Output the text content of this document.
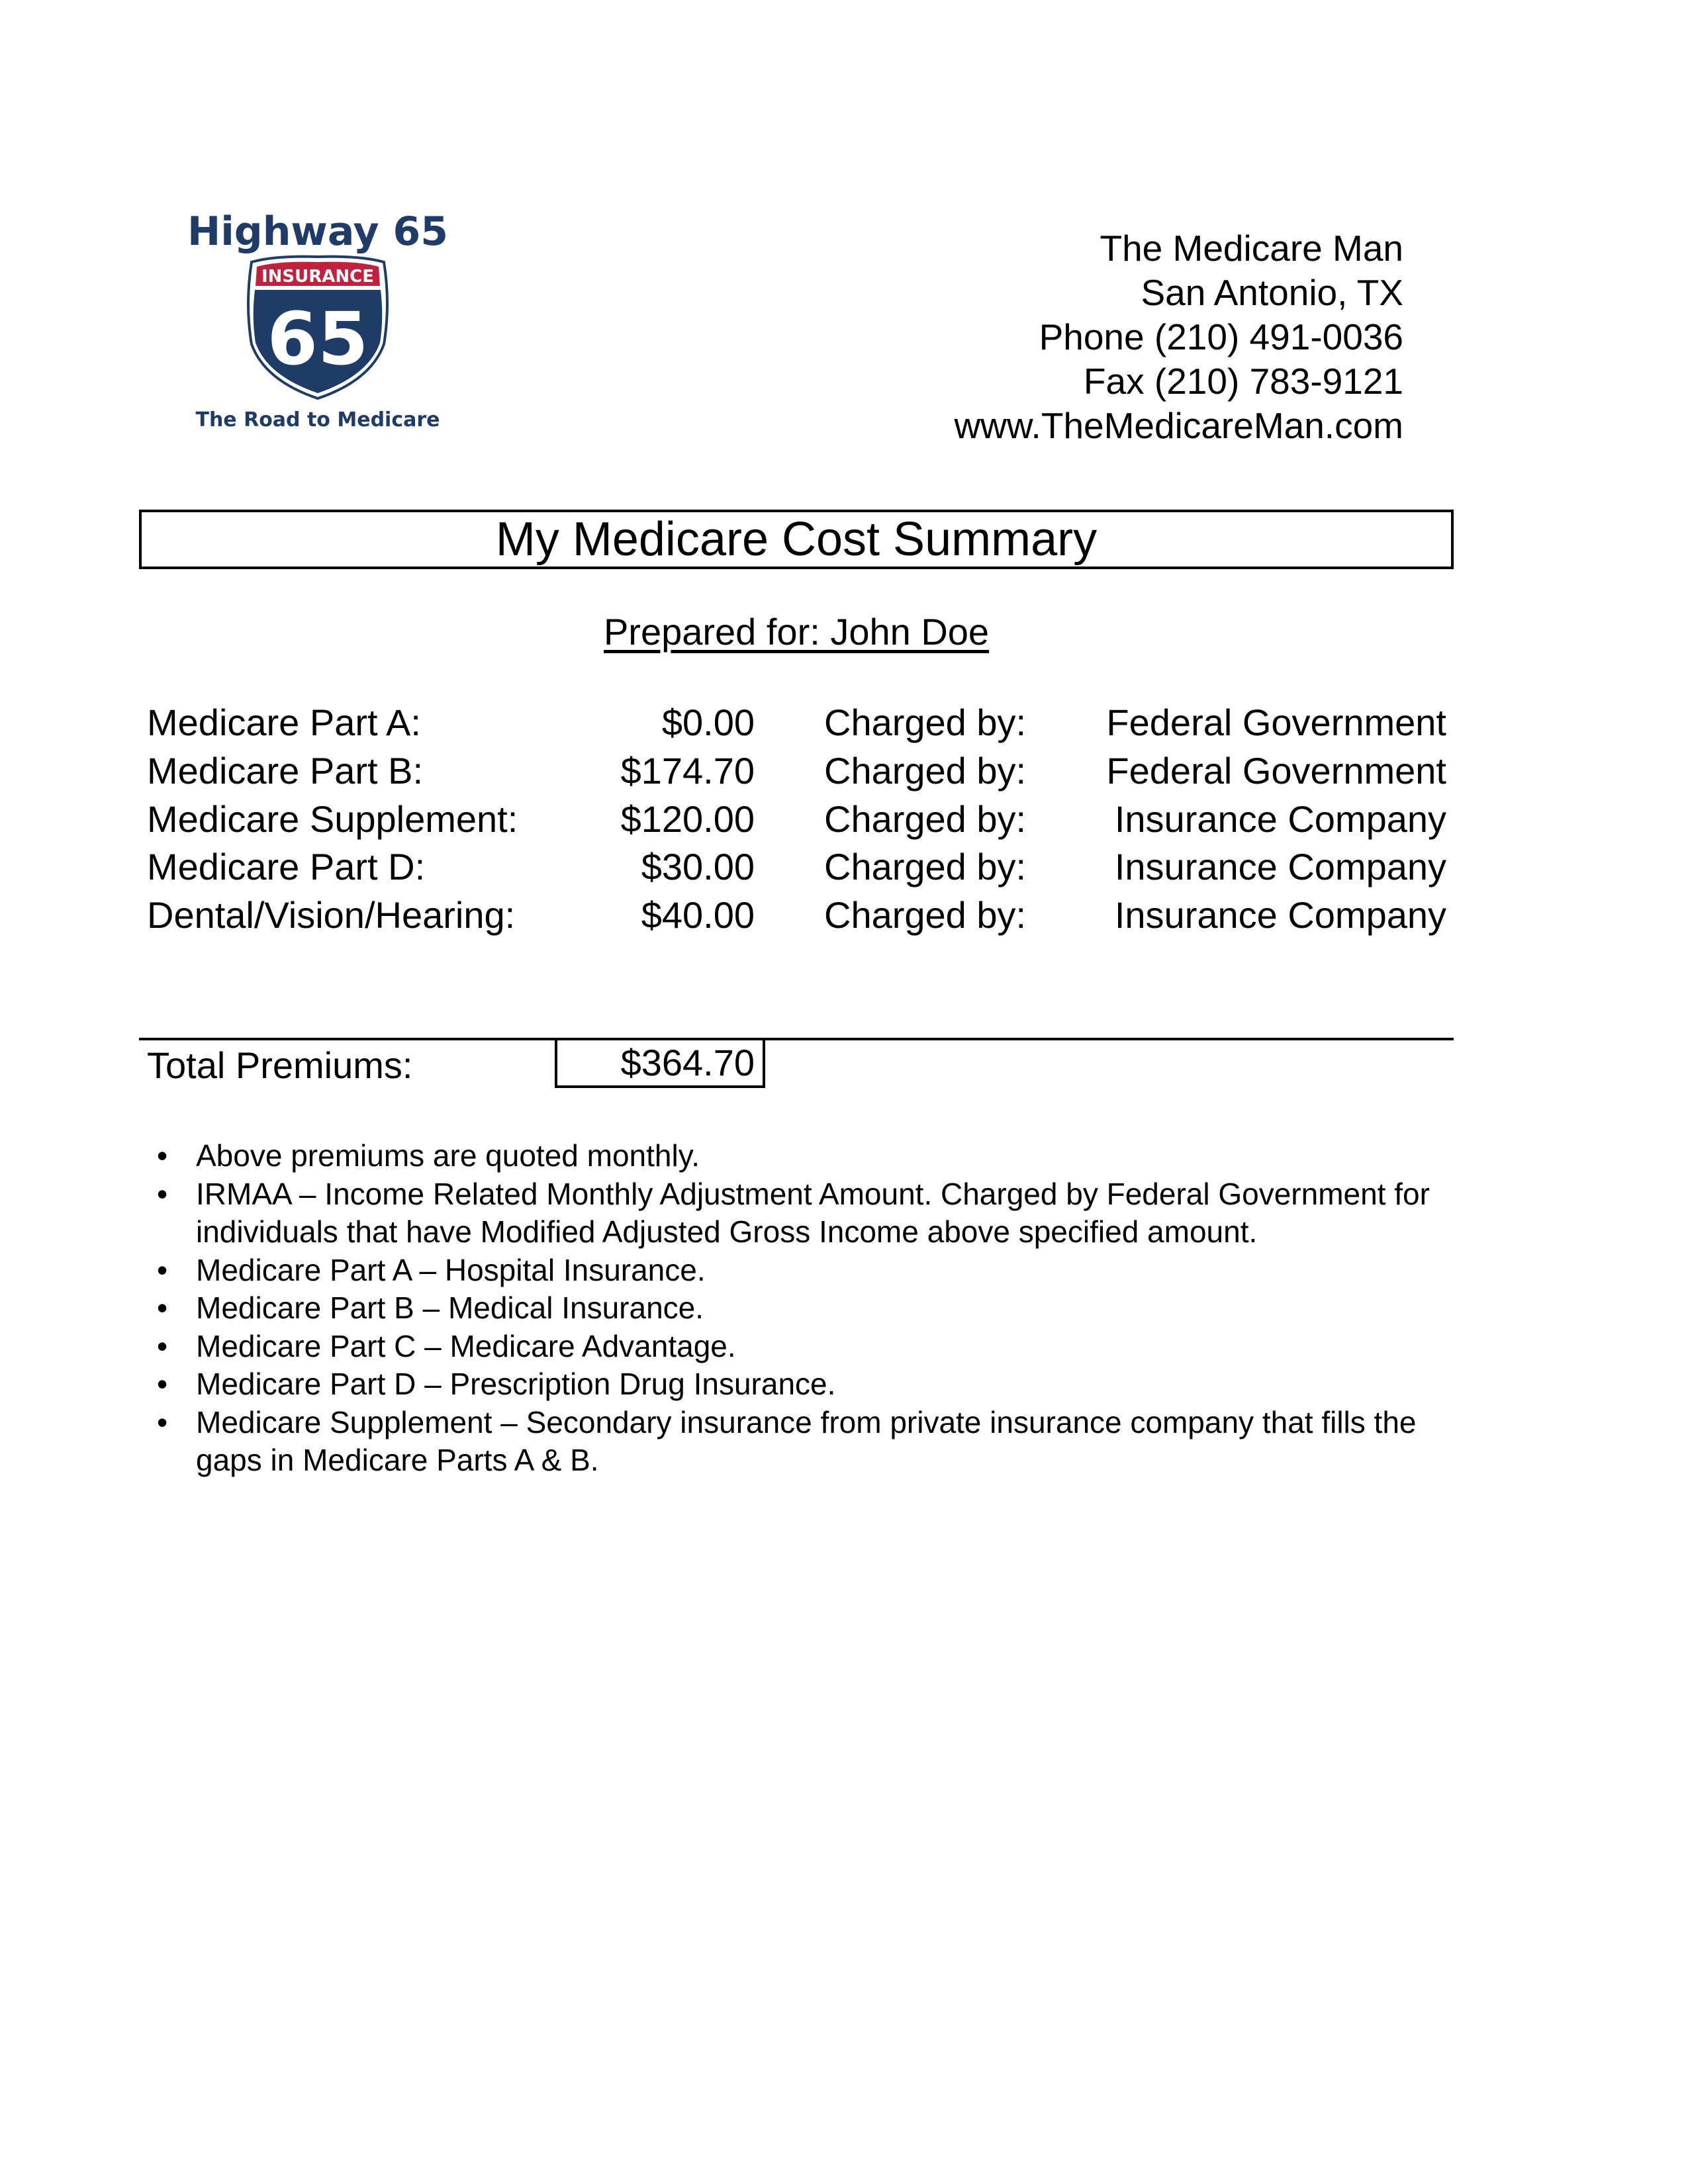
Highway 65
INSURANCE
65
The Road to Medicare
The Medicare Man
San Antonio, TX
Phone (210) 491-0036
Fax (210) 783-9121
www.TheMedicareMan.com
My Medicare Cost Summary
Prepared for: John Doe
Medicare Part A:	$0.00 Charged by: Federal Government
Medicare Part B:	$174.70 Charged by: Federal Government
Medicare Supplement:	$120.00 Charged by: Insurance Company
Medicare Part D:	$30.00 Charged by: Insurance Company
Dental/Vision/Hearing:	$40.00 Charged by: Insurance Company
Total Premiums:	$364.70
• Above premiums are quoted monthly.
• IRMAA – Income Related Monthly Adjustment Amount. Charged by Federal Government for individuals that have Modified Adjusted Gross Income above specified amount.
• Medicare Part A – Hospital Insurance.
• Medicare Part B – Medical Insurance.
• Medicare Part C – Medicare Advantage.
• Medicare Part D – Prescription Drug Insurance.
• Medicare Supplement – Secondary insurance from private insurance company that fills the gaps in Medicare Parts A & B.
